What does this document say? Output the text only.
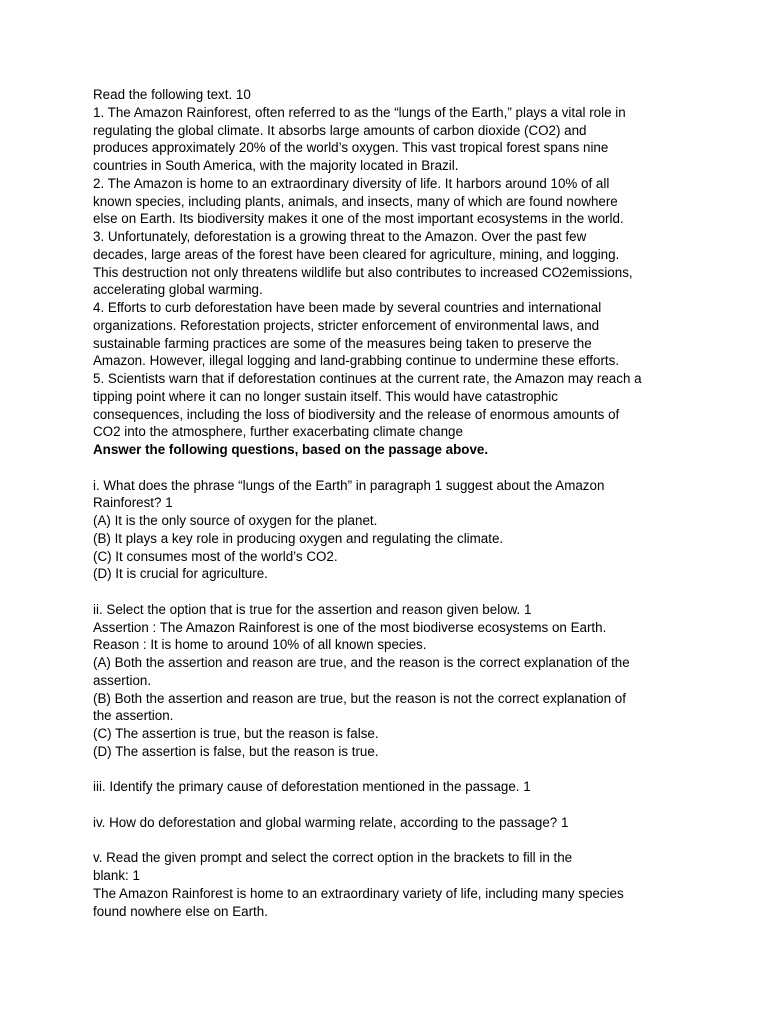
Read the following text. 10
1. The Amazon Rainforest, often referred to as the “lungs of the Earth,” plays a vital role in
regulating the global climate. It absorbs large amounts of carbon dioxide (CO2) and
produces approximately 20% of the world’s oxygen. This vast tropical forest spans nine
countries in South America, with the majority located in Brazil.
2. The Amazon is home to an extraordinary diversity of life. It harbors around 10% of all
known species, including plants, animals, and insects, many of which are found nowhere
else on Earth. Its biodiversity makes it one of the most important ecosystems in the world.
3. Unfortunately, deforestation is a growing threat to the Amazon. Over the past few
decades, large areas of the forest have been cleared for agriculture, mining, and logging.
This destruction not only threatens wildlife but also contributes to increased CO2emissions,
accelerating global warming.
4. Efforts to curb deforestation have been made by several countries and international
organizations. Reforestation projects, stricter enforcement of environmental laws, and
sustainable farming practices are some of the measures being taken to preserve the
Amazon. However, illegal logging and land-grabbing continue to undermine these efforts.
5. Scientists warn that if deforestation continues at the current rate, the Amazon may reach a
tipping point where it can no longer sustain itself. This would have catastrophic
consequences, including the loss of biodiversity and the release of enormous amounts of
CO2 into the atmosphere, further exacerbating climate change
Answer the following questions, based on the passage above.
i. What does the phrase “lungs of the Earth” in paragraph 1 suggest about the Amazon
Rainforest? 1
(A) It is the only source of oxygen for the planet.
(B) It plays a key role in producing oxygen and regulating the climate.
(C) It consumes most of the world’s CO2.
(D) It is crucial for agriculture.
ii. Select the option that is true for the assertion and reason given below. 1
Assertion : The Amazon Rainforest is one of the most biodiverse ecosystems on Earth.
Reason : It is home to around 10% of all known species.
(A) Both the assertion and reason are true, and the reason is the correct explanation of the
assertion.
(B) Both the assertion and reason are true, but the reason is not the correct explanation of
the assertion.
(C) The assertion is true, but the reason is false.
(D) The assertion is false, but the reason is true.
iii. Identify the primary cause of deforestation mentioned in the passage. 1
iv. How do deforestation and global warming relate, according to the passage? 1
v. Read the given prompt and select the correct option in the brackets to fill in the
blank: 1
The Amazon Rainforest is home to an extraordinary variety of life, including many species
found nowhere else on Earth.
